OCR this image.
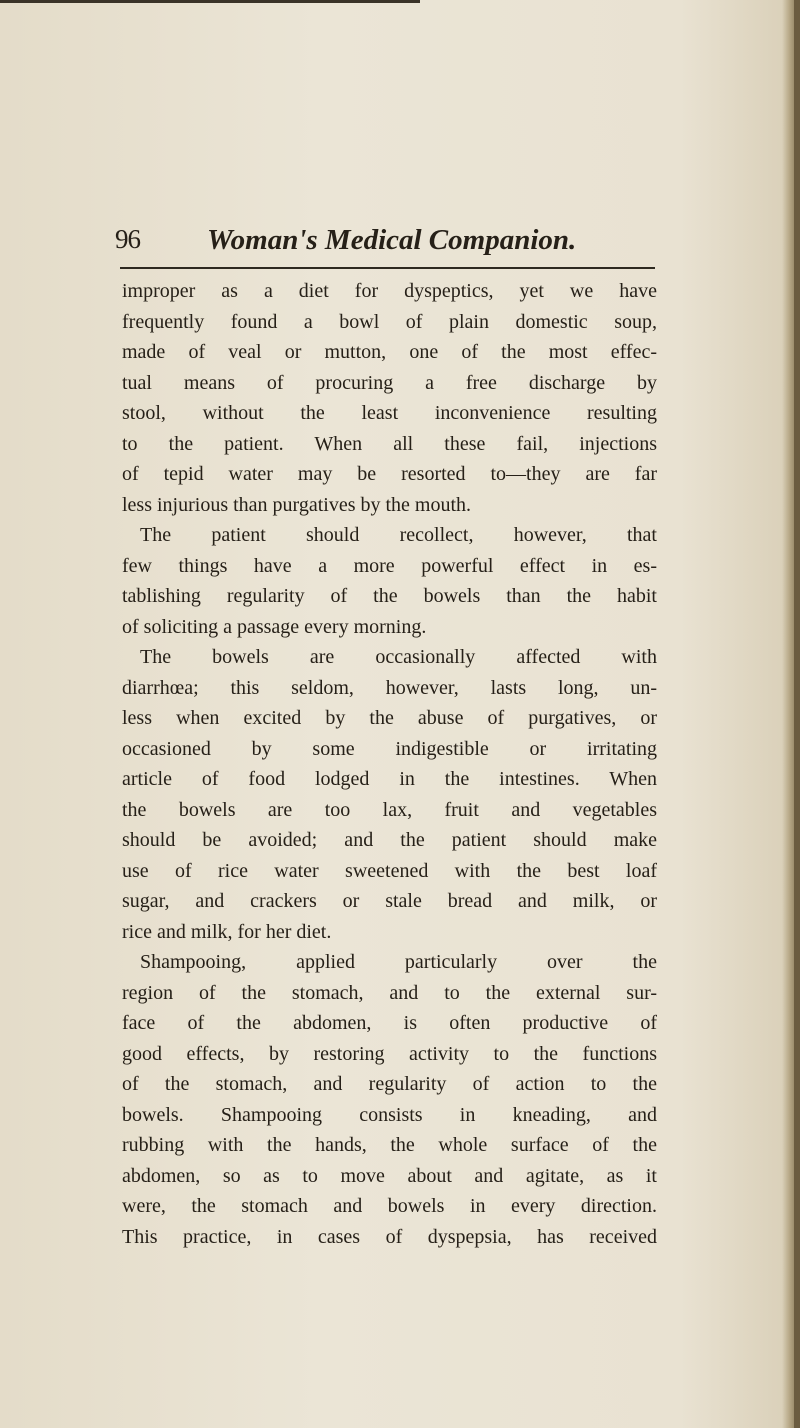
96 Woman's Medical Companion.
improper as a diet for dyspeptics, yet we have
frequently found a bowl of plain domestic soup,
made of veal or mutton, one of the most effec-
tual means of procuring a free discharge by
stool, without the least inconvenience resulting
to the patient. When all these fail, injections
of tepid water may be resorted to—they are far
less injurious than purgatives by the mouth.
The patient should recollect, however, that
few things have a more powerful effect in es-
tablishing regularity of the bowels than the habit
of soliciting a passage every morning.
The bowels are occasionally affected with
diarrhœa; this seldom, however, lasts long, un-
less when excited by the abuse of purgatives, or
occasioned by some indigestible or irritating
article of food lodged in the intestines. When
the bowels are too lax, fruit and vegetables
should be avoided; and the patient should make
use of rice water sweetened with the best loaf
sugar, and crackers or stale bread and milk, or
rice and milk, for her diet.
Shampooing, applied particularly over the
region of the stomach, and to the external sur-
face of the abdomen, is often productive of
good effects, by restoring activity to the functions
of the stomach, and regularity of action to the
bowels. Shampooing consists in kneading, and
rubbing with the hands, the whole surface of the
abdomen, so as to move about and agitate, as it
were, the stomach and bowels in every direction.
This practice, in cases of dyspepsia, has received
